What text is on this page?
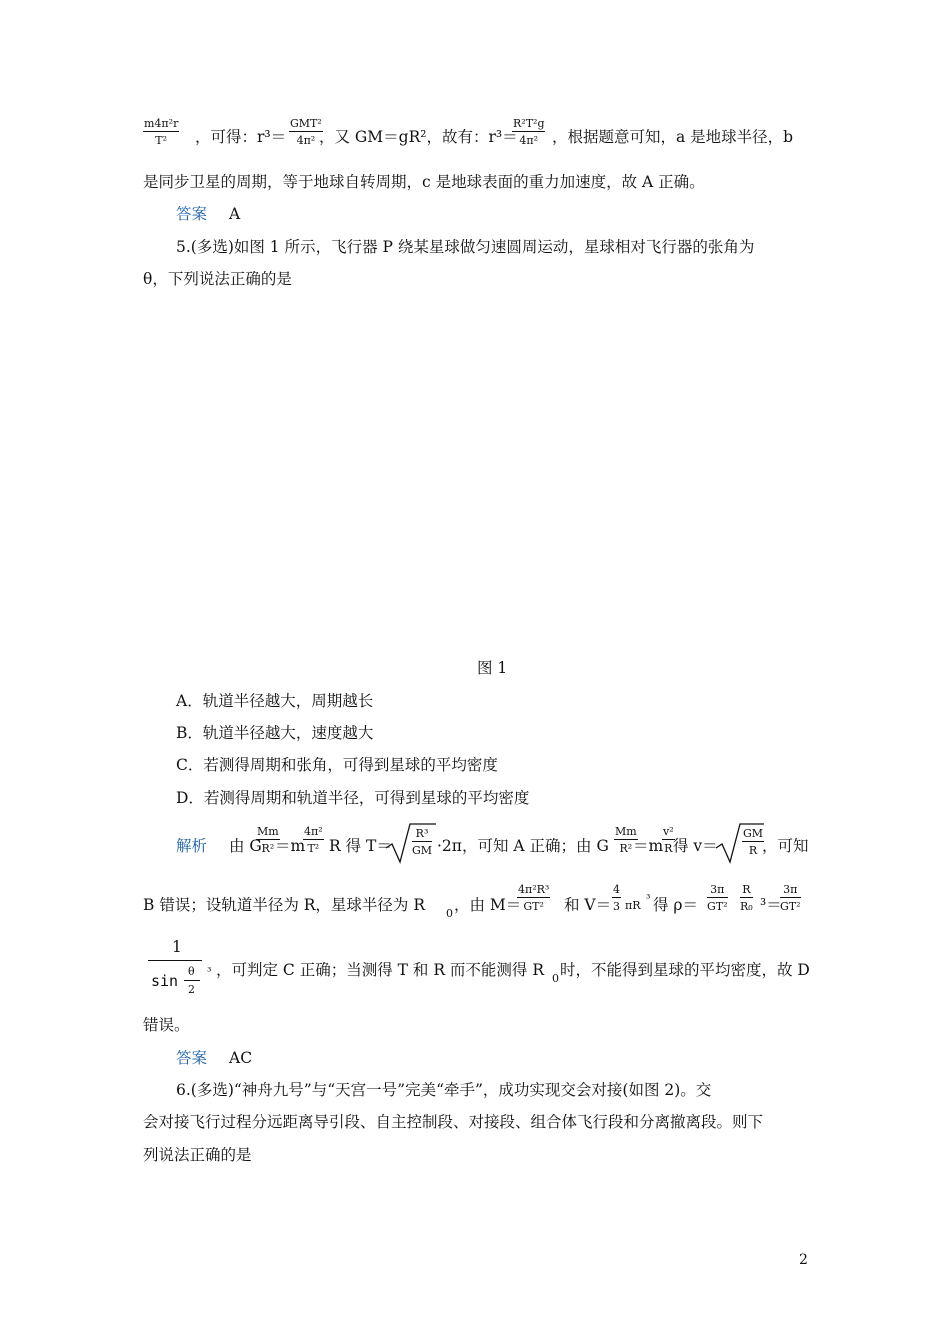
$\frac{\text{m4π²r}}{\text{T²}}$ ，可得：r³＝
GMT²
4π² ，又 GM＝gR²，故有：r³＝
$\frac{\text{R²T²g}}{\text{4π²}}$ ，根据题意可知，a 是地球半径，b
是同步卫星的周期，等于地球自转周期，c 是地球表面的重力加速度，故 A 正确。
答案 A
5.(多选)如图 1 所示，飞行器 P 绕某星球做匀速圆周运动，星球相对飞行器的张角为
θ，下列说法正确的是
图 1
A．轨道半径越大，周期越长
B．轨道半径越大，速度越大
C．若测得周期和张角，可得到星球的平均密度
D．若测得周期和轨道半径，可得到星球的平均密度
解析 由 G
$\frac{Mm}{\text{R²}}$
＝m
$\frac{\text{4π²}}{\text{T²}}$ R 得 $T= \frac{\text{R³}}{GM} \cdot 2\pi$，可知 A 正确；由 G $\frac{Mm}{\text{R²}}$
＝m
$\frac{\text{v²}}{R}$
得 $v= \frac{GM}{R}$
，可知
B 错误；设轨道半径为 R，星球半径为 R 0 ，由 M＝
$\frac{\text{4π²R³}}{\text{GT²}}$ 和 $V= \frac{4}{3}$ πR
³ 得 $\rho= \frac{3\pi}{\text{GT²}} \frac{R}{\text{R₀}} ^3=$
$\frac{3\pi}{\text{GT²}}$
1
sin
θ
2
³ ，可判定 C 正确；当测得 T 和 R 而不能测得 R 0 时，不能得到星球的平均密度，故 D
错误。
答案 AC
6.(多选)“神舟九号”与“天宫一号”完美“牵手”，成功实现交会对接(如图 2)。交
会对接飞行过程分远距离导引段、自主控制段、对接段、组合体飞行段和分离撤离段。则下
列说法正确的是
2
